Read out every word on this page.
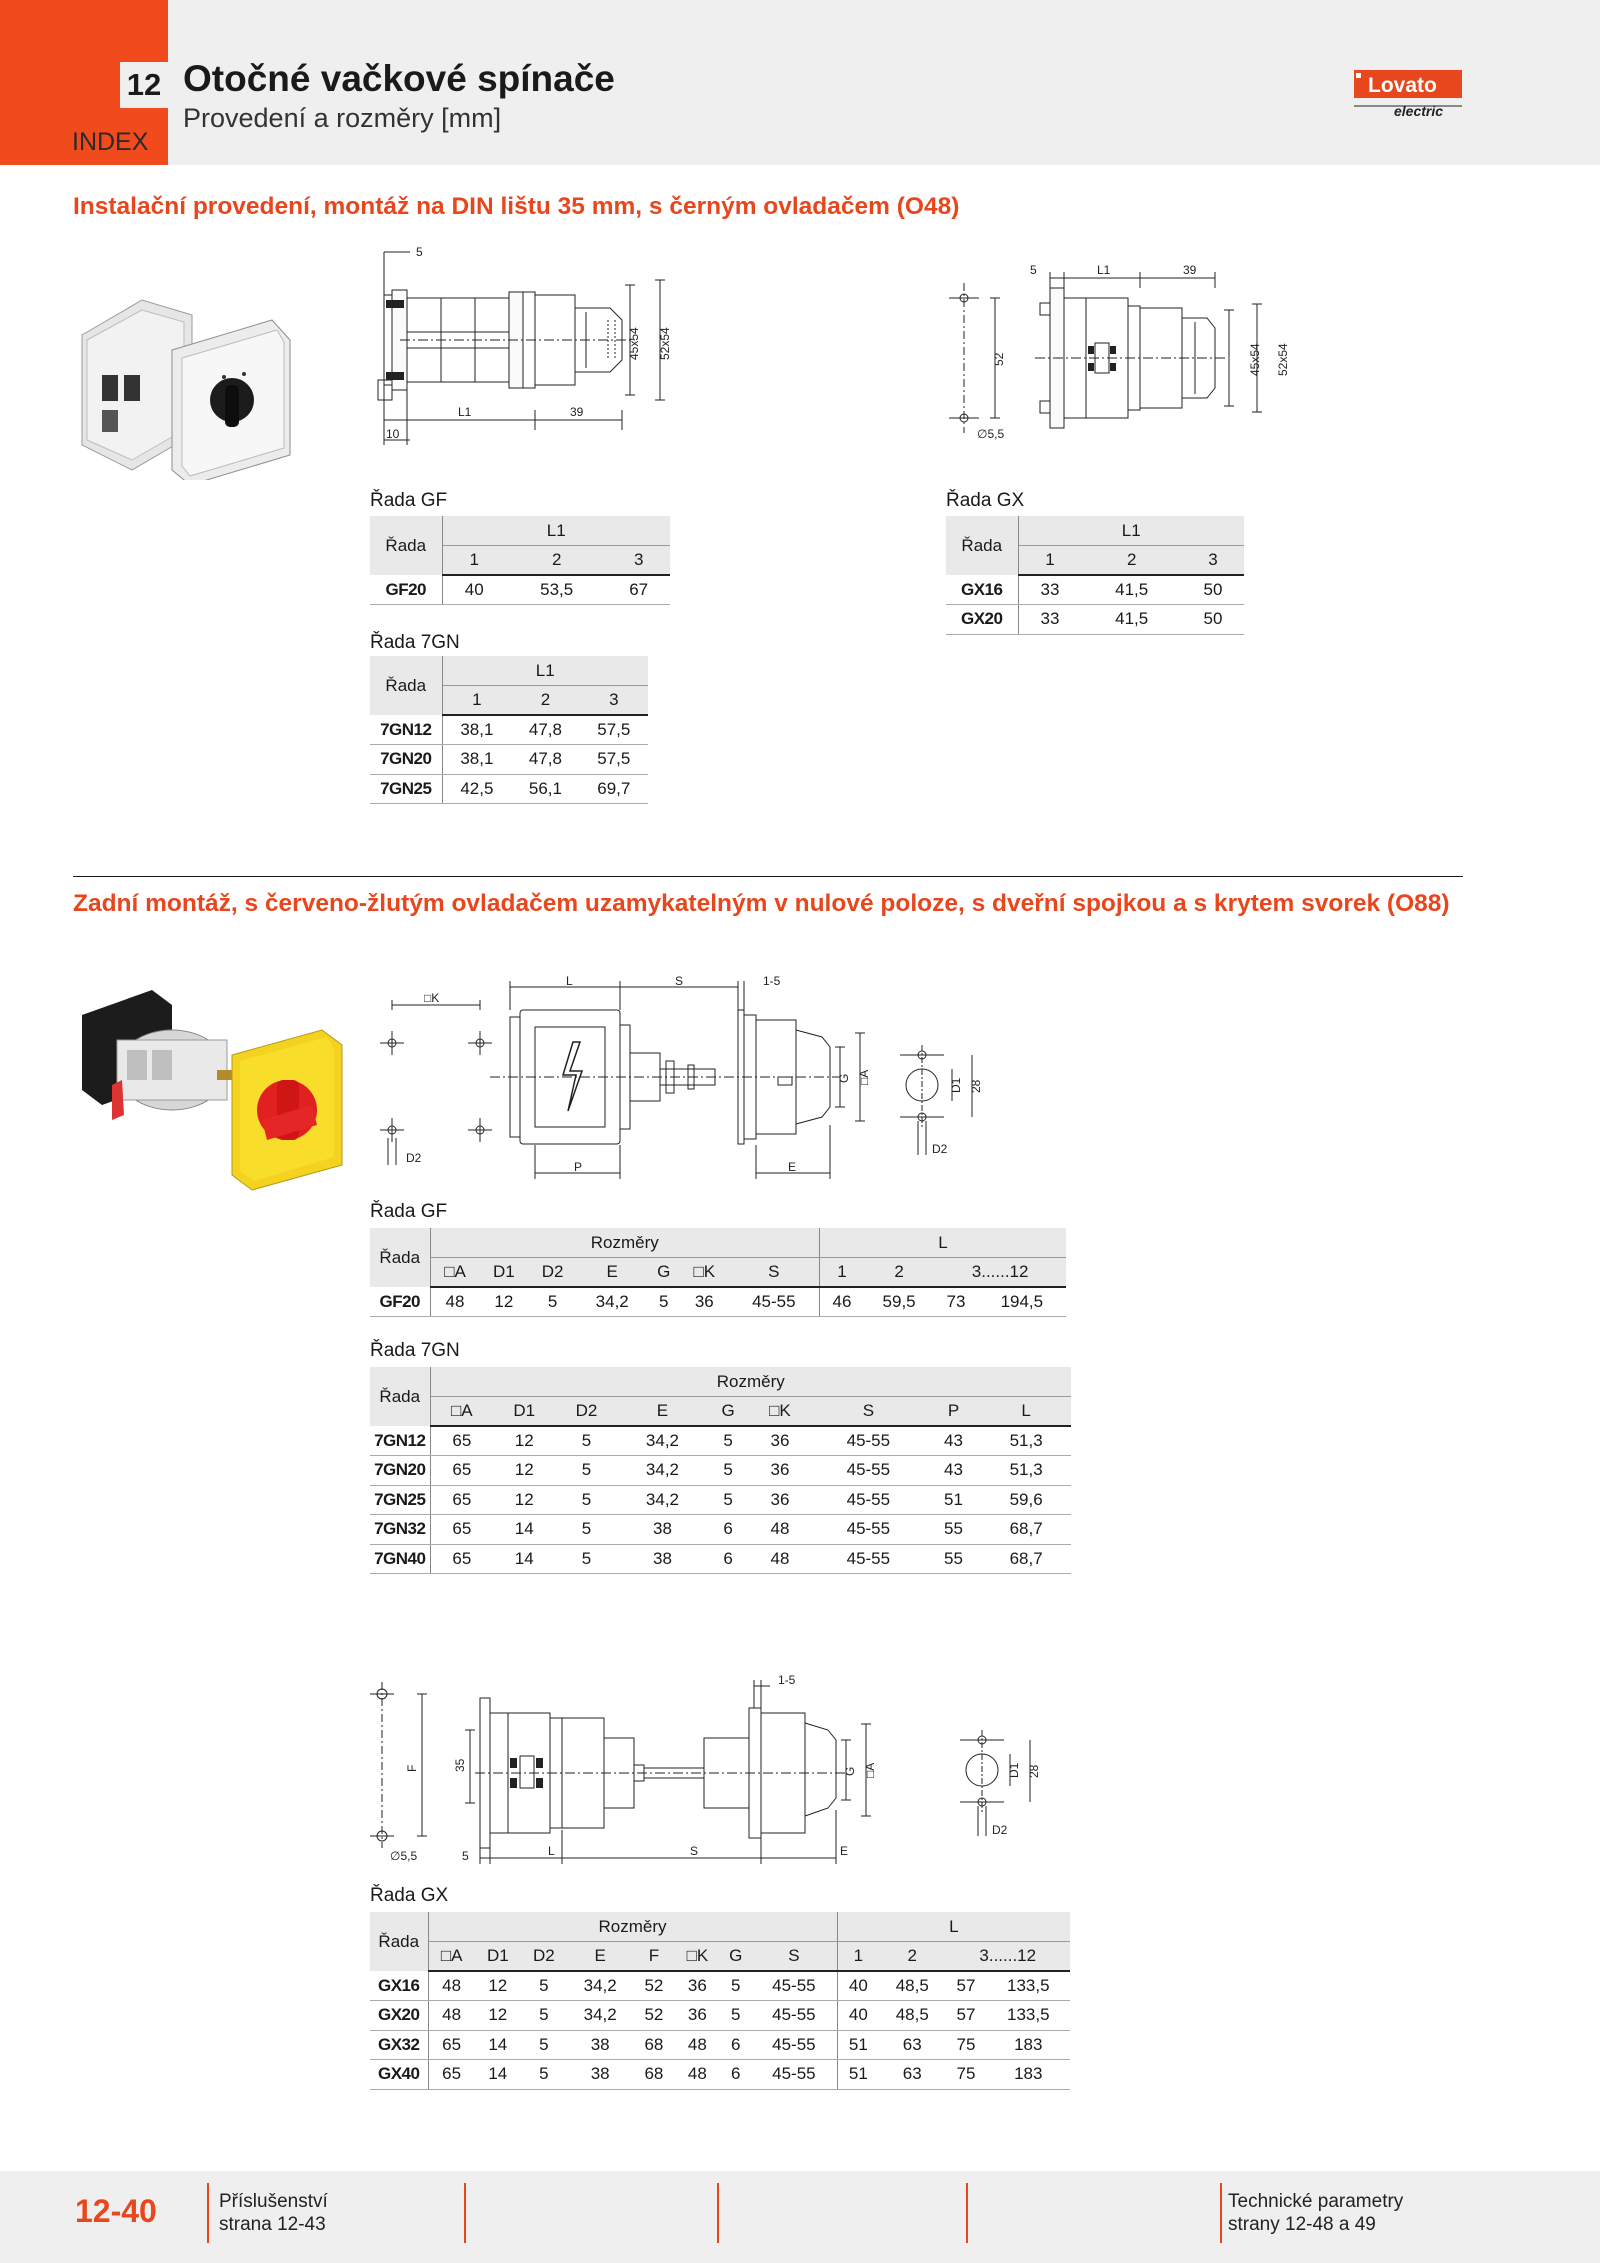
12
INDEX
Otočné vačkové spínače
Provedení a rozměry [mm]
Lovato
electric
Instalační provedení, montáž na DIN lištu 35 mm, s černým ovladačem (O48)
5
10
L1	39
45x54 52x54
5	L1	39
52
∅5,5
45x54 52x54
Řada GF
Řada	L1		
	1	2	3
GF20	40	53,5	67
Řada GX
Řada	L1		
	1	2	3
GX16	33	41,5	50
GX20	33	41,5	50
Řada 7GN
Řada	L1		
	1	2	3
7GN12	38,1	47,8	57,5
7GN20	38,1	47,8	57,5
7GN25	42,5	56,1	69,7
Zadní montáž, s červeno-žlutým ovladačem uzamykatelným v nulové poloze, s dveřní spojkou a s krytem svorek (O88)
□K
D2
L	S	1-5
P	E
G □A
D1 28
D2
Řada GF
Řada	Rozměry							L			
	□A	D1	D2	E	G	□K	S	1	2	3......12	
GF20	48	12	5	34,2	5	36	45-55	46	59,5	73	194,5
Řada 7GN
Řada	Rozměry								
	□A	D1	D2	E	G	□K	S	P	L
7GN12	65	12	5	34,2	5	36	45-55	43	51,3
7GN20	65	12	5	34,2	5	36	45-55	43	51,3
7GN25	65	12	5	34,2	5	36	45-55	51	59,6
7GN32	65	14	5	38	6	48	45-55	55	68,7
7GN40	65	14	5	38	6	48	45-55	55	68,7
F	35
∅5,5	5	L	S	E
1-5
G □A	D1 28
D2
Řada GX
Řada	Rozměry								L			
	□A	D1	D2	E	F	□K	G	S	1	2	3......12	
GX16	48	12	5	34,2	52	36	5	45-55	40	48,5	57	133,5
GX20	48	12	5	34,2	52	36	5	45-55	40	48,5	57	133,5
GX32	65	14	5	38	68	48	6	45-55	51	63	75	183
GX40	65	14	5	38	68	48	6	45-55	51	63	75	183
12-40	Příslušenství
strana 12-43
Technické parametry
strany 12-48 a 49
